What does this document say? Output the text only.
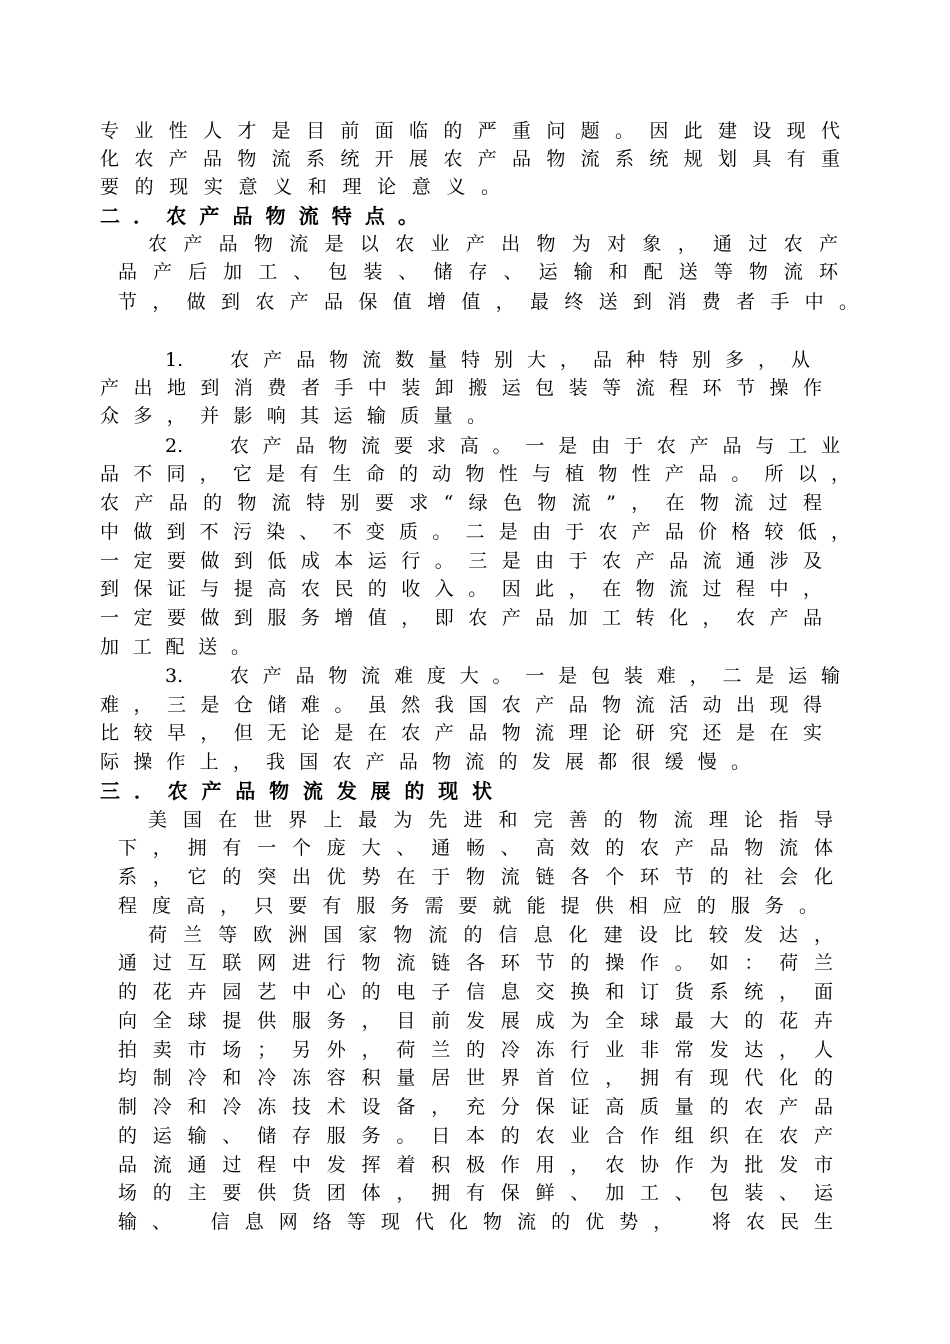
专业性人才是目前面临的严重问题。因此建设现代
化农产品物流系统开展农产品物流系统规划具有重
要的现实意义和理论意义。
二．农产品物流特点。
农产品物流是以农业产出物为对象，通过农产
品产后加工、包装、储存、运输和配送等物流环
节，做到农产品保值增值，最终送到消费者手中。
1.　农产品物流数量特别大，品种特别多，从
产出地到消费者手中装卸搬运包装等流程环节操作
众多，并影响其运输质量。
2.　农产品物流要求高。一是由于农产品与工业
品不同，它是有生命的动物性与植物性产品。所以，
农产品的物流特别要求“绿色物流”，在物流过程
中做到不污染、不变质。二是由于农产品价格较低，
一定要做到低成本运行。三是由于农产品流通涉及
到保证与提高农民的收入。因此，在物流过程中，
一定要做到服务增值，即农产品加工转化，农产品
加工配送。
3.　农产品物流难度大。一是包装难，二是运输
难，三是仓储难。虽然我国农产品物流活动出现得
比较早，但无论是在农产品物流理论研究还是在实
际操作上，我国农产品物流的发展都很缓慢。
三．农产品物流发展的现状
美国在世界上最为先进和完善的物流理论指导
下，拥有一个庞大、通畅、高效的农产品物流体
系，它的突出优势在于物流链各个环节的社会化
程度高，只要有服务需要就能提供相应的服务。
荷兰等欧洲国家物流的信息化建设比较发达，
通过互联网进行物流链各环节的操作。如：荷兰
的花卉园艺中心的电子信息交换和订货系统，面
向全球提供服务，目前发展成为全球最大的花卉
拍卖市场；另外，荷兰的冷冻行业非常发达，人
均制冷和冷冻容积量居世界首位，拥有现代化的
制冷和冷冻技术设备，充分保证高质量的农产品
的运输、储存服务。日本的农业合作组织在农产
品流通过程中发挥着积极作用，农协作为批发市
场的主要供货团体，拥有保鲜、加工、包装、运
输、　信息网络等现代化物流的优势，　将农民生
